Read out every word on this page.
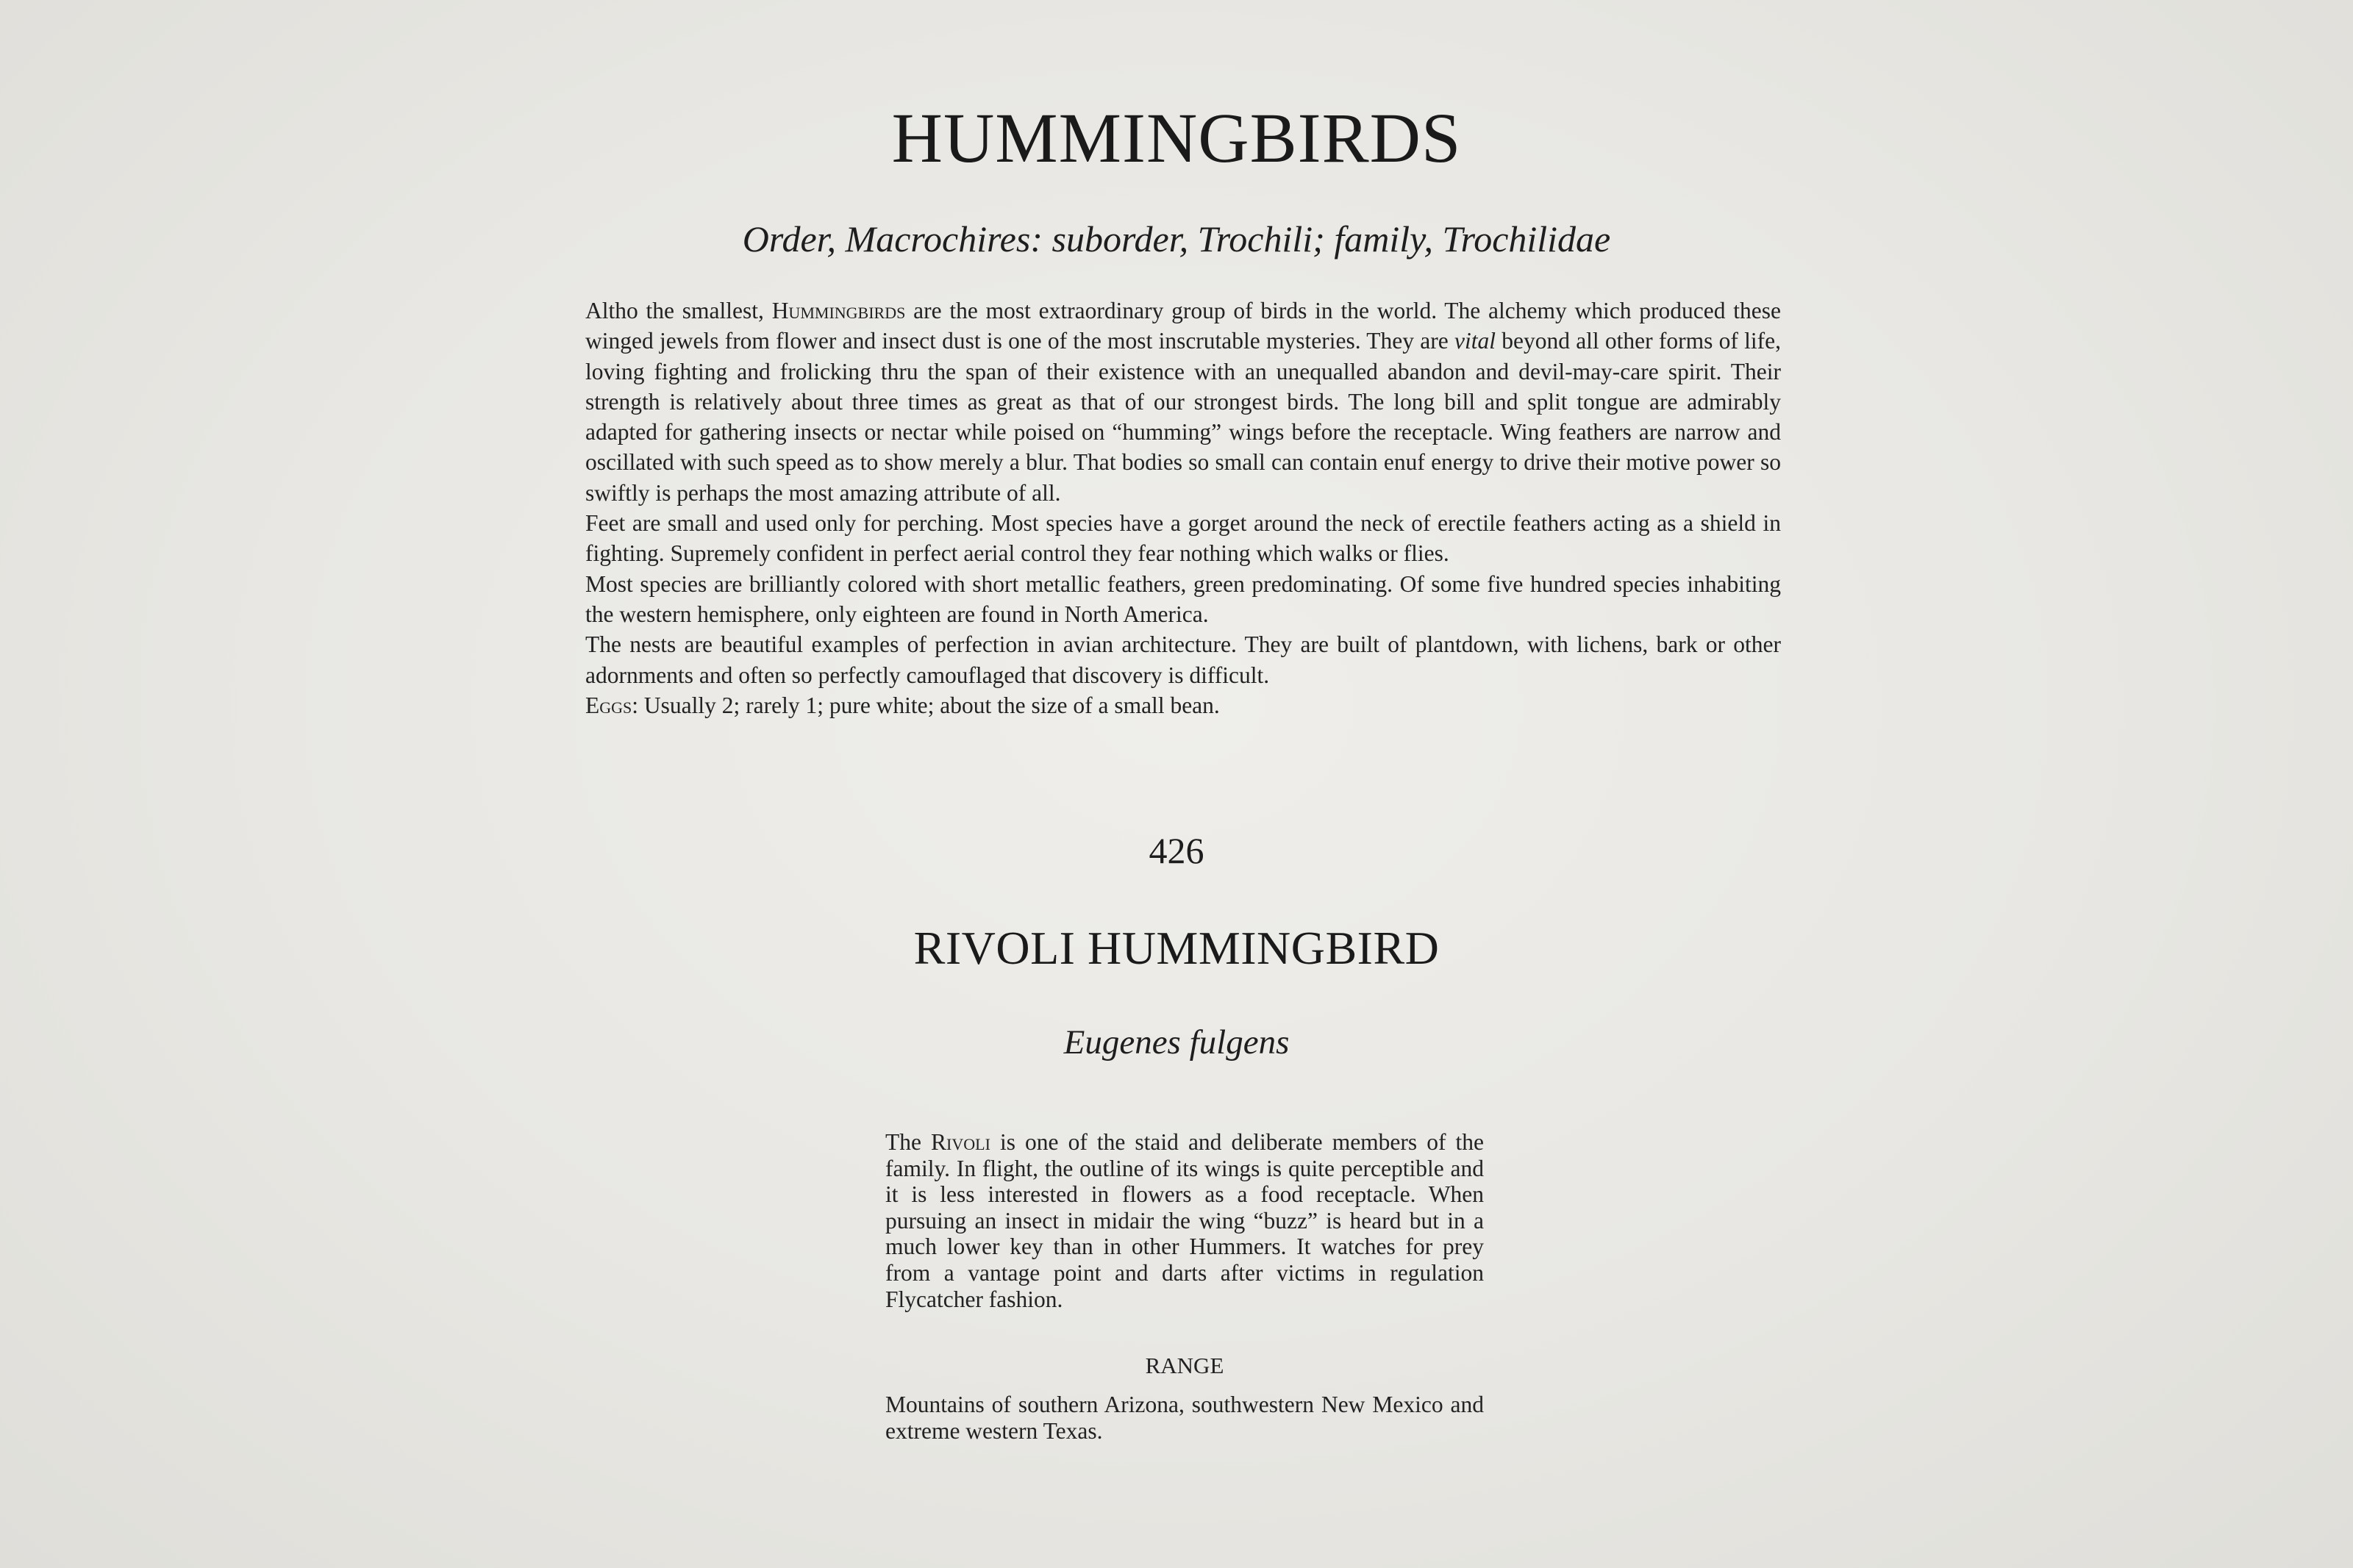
HUMMINGBIRDS
Order, Macrochires: suborder, Trochili; family, Trochilidae

Altho the smallest, Hummingbirds are the most extraordinary group of birds in the world. The alchemy which produced these winged jewels from flower and insect dust is one of the most inscrutable mysteries. They are vital beyond all other forms of life, loving fighting and frolicking thru the span of their existence with an unequalled abandon and devil-may-care spirit. Their strength is relatively about three times as great as that of our strongest birds. The long bill and split tongue are admirably adapted for gathering insects or nectar while poised on “humming” wings before the receptacle. Wing feathers are narrow and oscillated with such speed as to show merely a blur. That bodies so small can contain enuf energy to drive their motive power so swiftly is perhaps the most amazing attribute of all.

Feet are small and used only for perching. Most species have a gorget around the neck of erectile feathers acting as a shield in fighting. Supremely confident in perfect aerial control they fear nothing which walks or flies.

Most species are brilliantly colored with short metallic feathers, green predominating. Of some five hundred species inhabiting the western hemisphere, only eighteen are found in North America.

The nests are beautiful examples of perfection in avian architecture. They are built of plantdown, with lichens, bark or other adornments and often so perfectly camouflaged that discovery is difficult.

Eggs: Usually 2; rarely 1; pure white; about the size of a small bean.

426
RIVOLI HUMMINGBIRD
Eugenes fulgens

The Rivoli is one of the staid and deliberate members of the family. In flight, the outline of its wings is quite perceptible and it is less interested in flowers as a food receptacle. When pursuing an insect in midair the wing “buzz” is heard but in a much lower key than in other Hummers. It watches for prey from a vantage point and darts after victims in regulation Flycatcher fashion.

RANGE
Mountains of southern Arizona, southwestern New Mexico and extreme western Texas.
